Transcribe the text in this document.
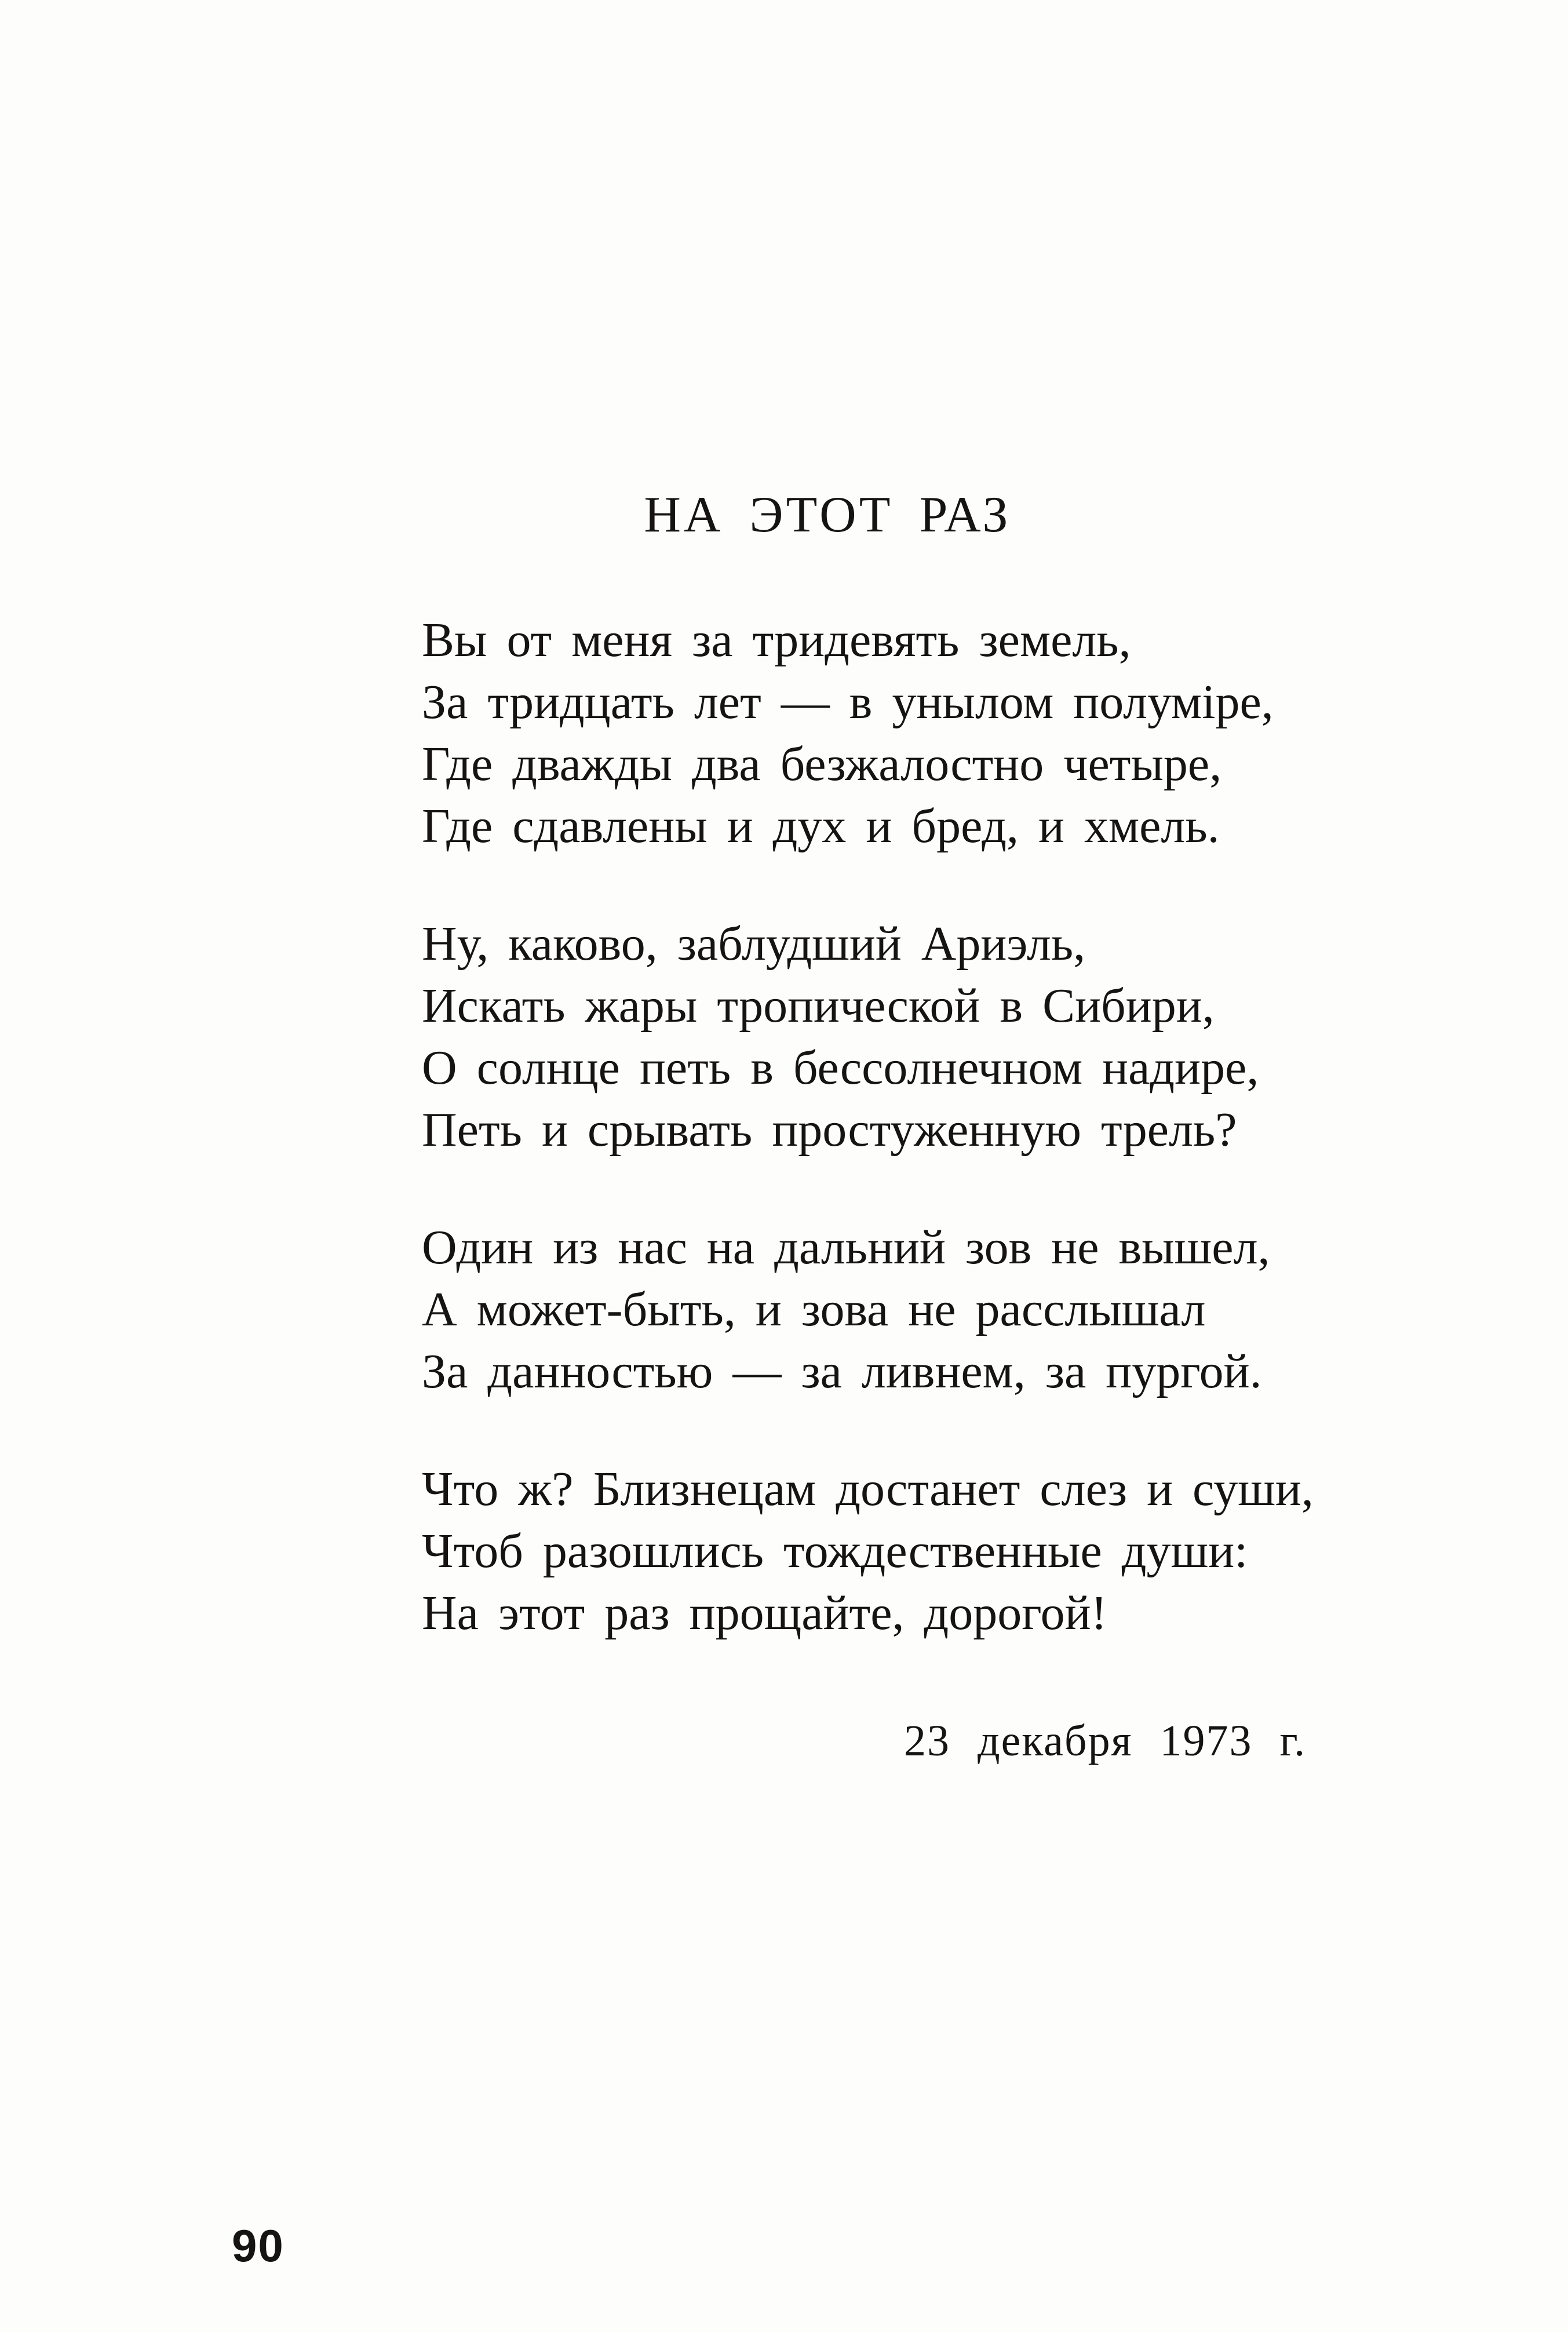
НА ЭТОТ РАЗ
Вы от меня за тридевять земель,
За тридцать лет — в унылом полуміре,
Где дважды два безжалостно четыре,
Где сдавлены и дух и бред, и хмель.
Ну, каково, заблудший Ариэль,
Искать жары тропической в Сибири,
О солнце петь в бессолнечном надире,
Петь и срывать простуженную трель?
Один из нас на дальний зов не вышел,
А может-быть, и зова не расслышал
За данностью — за ливнем, за пургой.
Что ж? Близнецам достанет слез и суши,
Чтоб разошлись тождественные души:
На этот раз прощайте, дорогой!
23 декабря 1973 г.
90
